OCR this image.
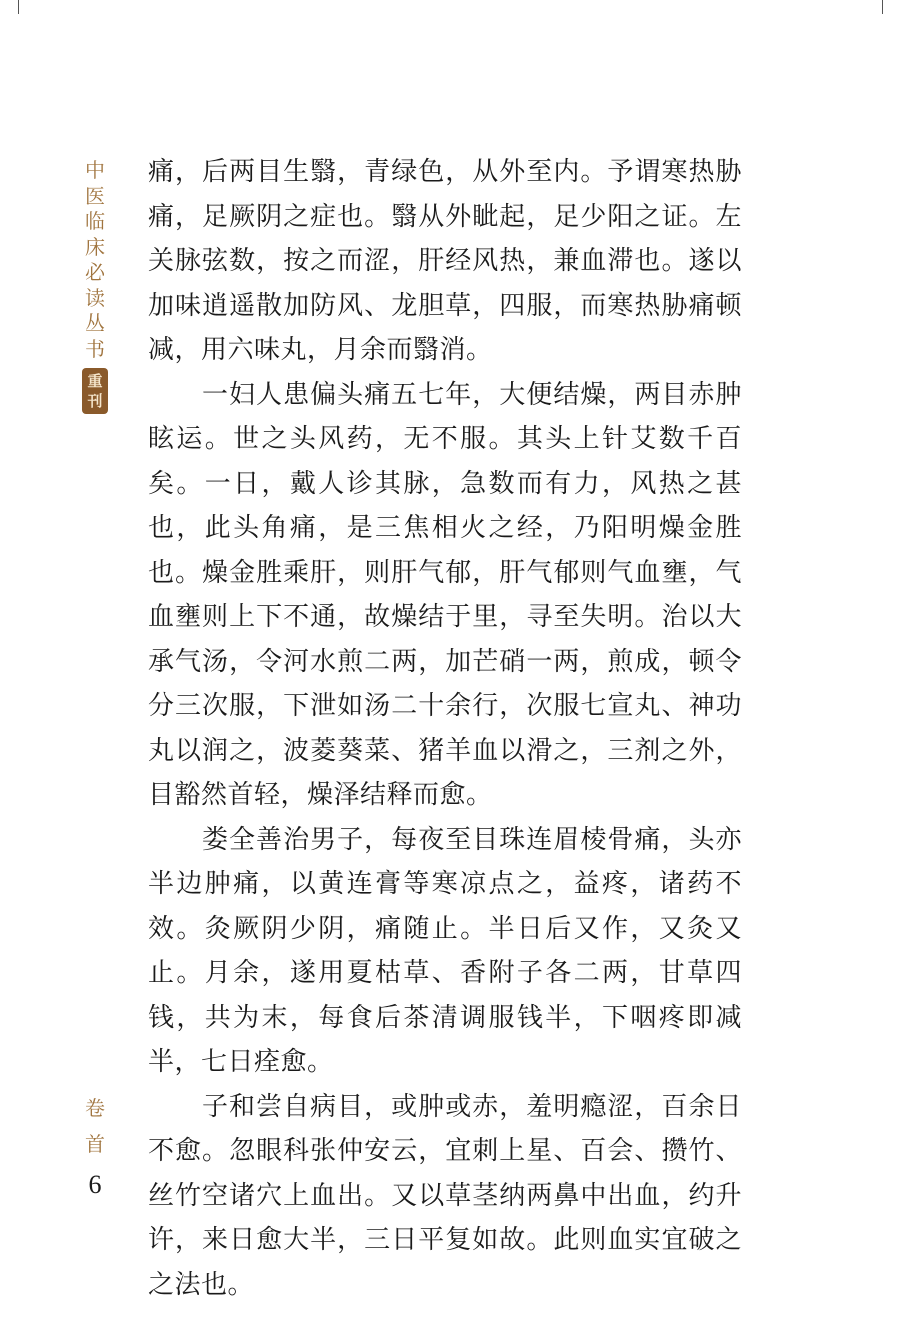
中
医
临
床
必
读
丛
书
重
刊
卷
首
6

痛，后两目生翳，青绿色，从外至内。予谓寒热胁痛，足厥阴之症也。翳从外眦起，足少阳之证。左关脉弦数，按之而涩，肝经风热，兼血滞也。遂以加味逍遥散加防风、龙胆草，四服，而寒热胁痛顿减，用六味丸，月余而翳消。

一妇人患偏头痛五七年，大便结燥，两目赤肿眩运。世之头风药，无不服。其头上针艾数千百矣。一日，戴人诊其脉，急数而有力，风热之甚也，此头角痛，是三焦相火之经，乃阳明燥金胜也。燥金胜乘肝，则肝气郁，肝气郁则气血壅，气血壅则上下不通，故燥结于里，寻至失明。治以大承气汤，令河水煎二两，加芒硝一两，煎成，顿令分三次服，下泄如汤二十余行，次服七宣丸、神功丸以润之，波菱葵菜、猪羊血以滑之，三剂之外，目豁然首轻，燥泽结释而愈。

娄全善治男子，每夜至目珠连眉棱骨痛，头亦半边肿痛，以黄连膏等寒凉点之，益疼，诸药不效。灸厥阴少阴，痛随止。半日后又作，又灸又止。月余，遂用夏枯草、香附子各二两，甘草四钱，共为末，每食后茶清调服钱半，下咽疼即减半，七日痊愈。

子和尝自病目，或肿或赤，羞明瘾涩，百余日不愈。忽眼科张仲安云，宜刺上星、百会、攒竹、丝竹空诸穴上血出。又以草茎纳两鼻中出血，约升许，来日愈大半，三日平复如故。此则血实宜破之之法也。
